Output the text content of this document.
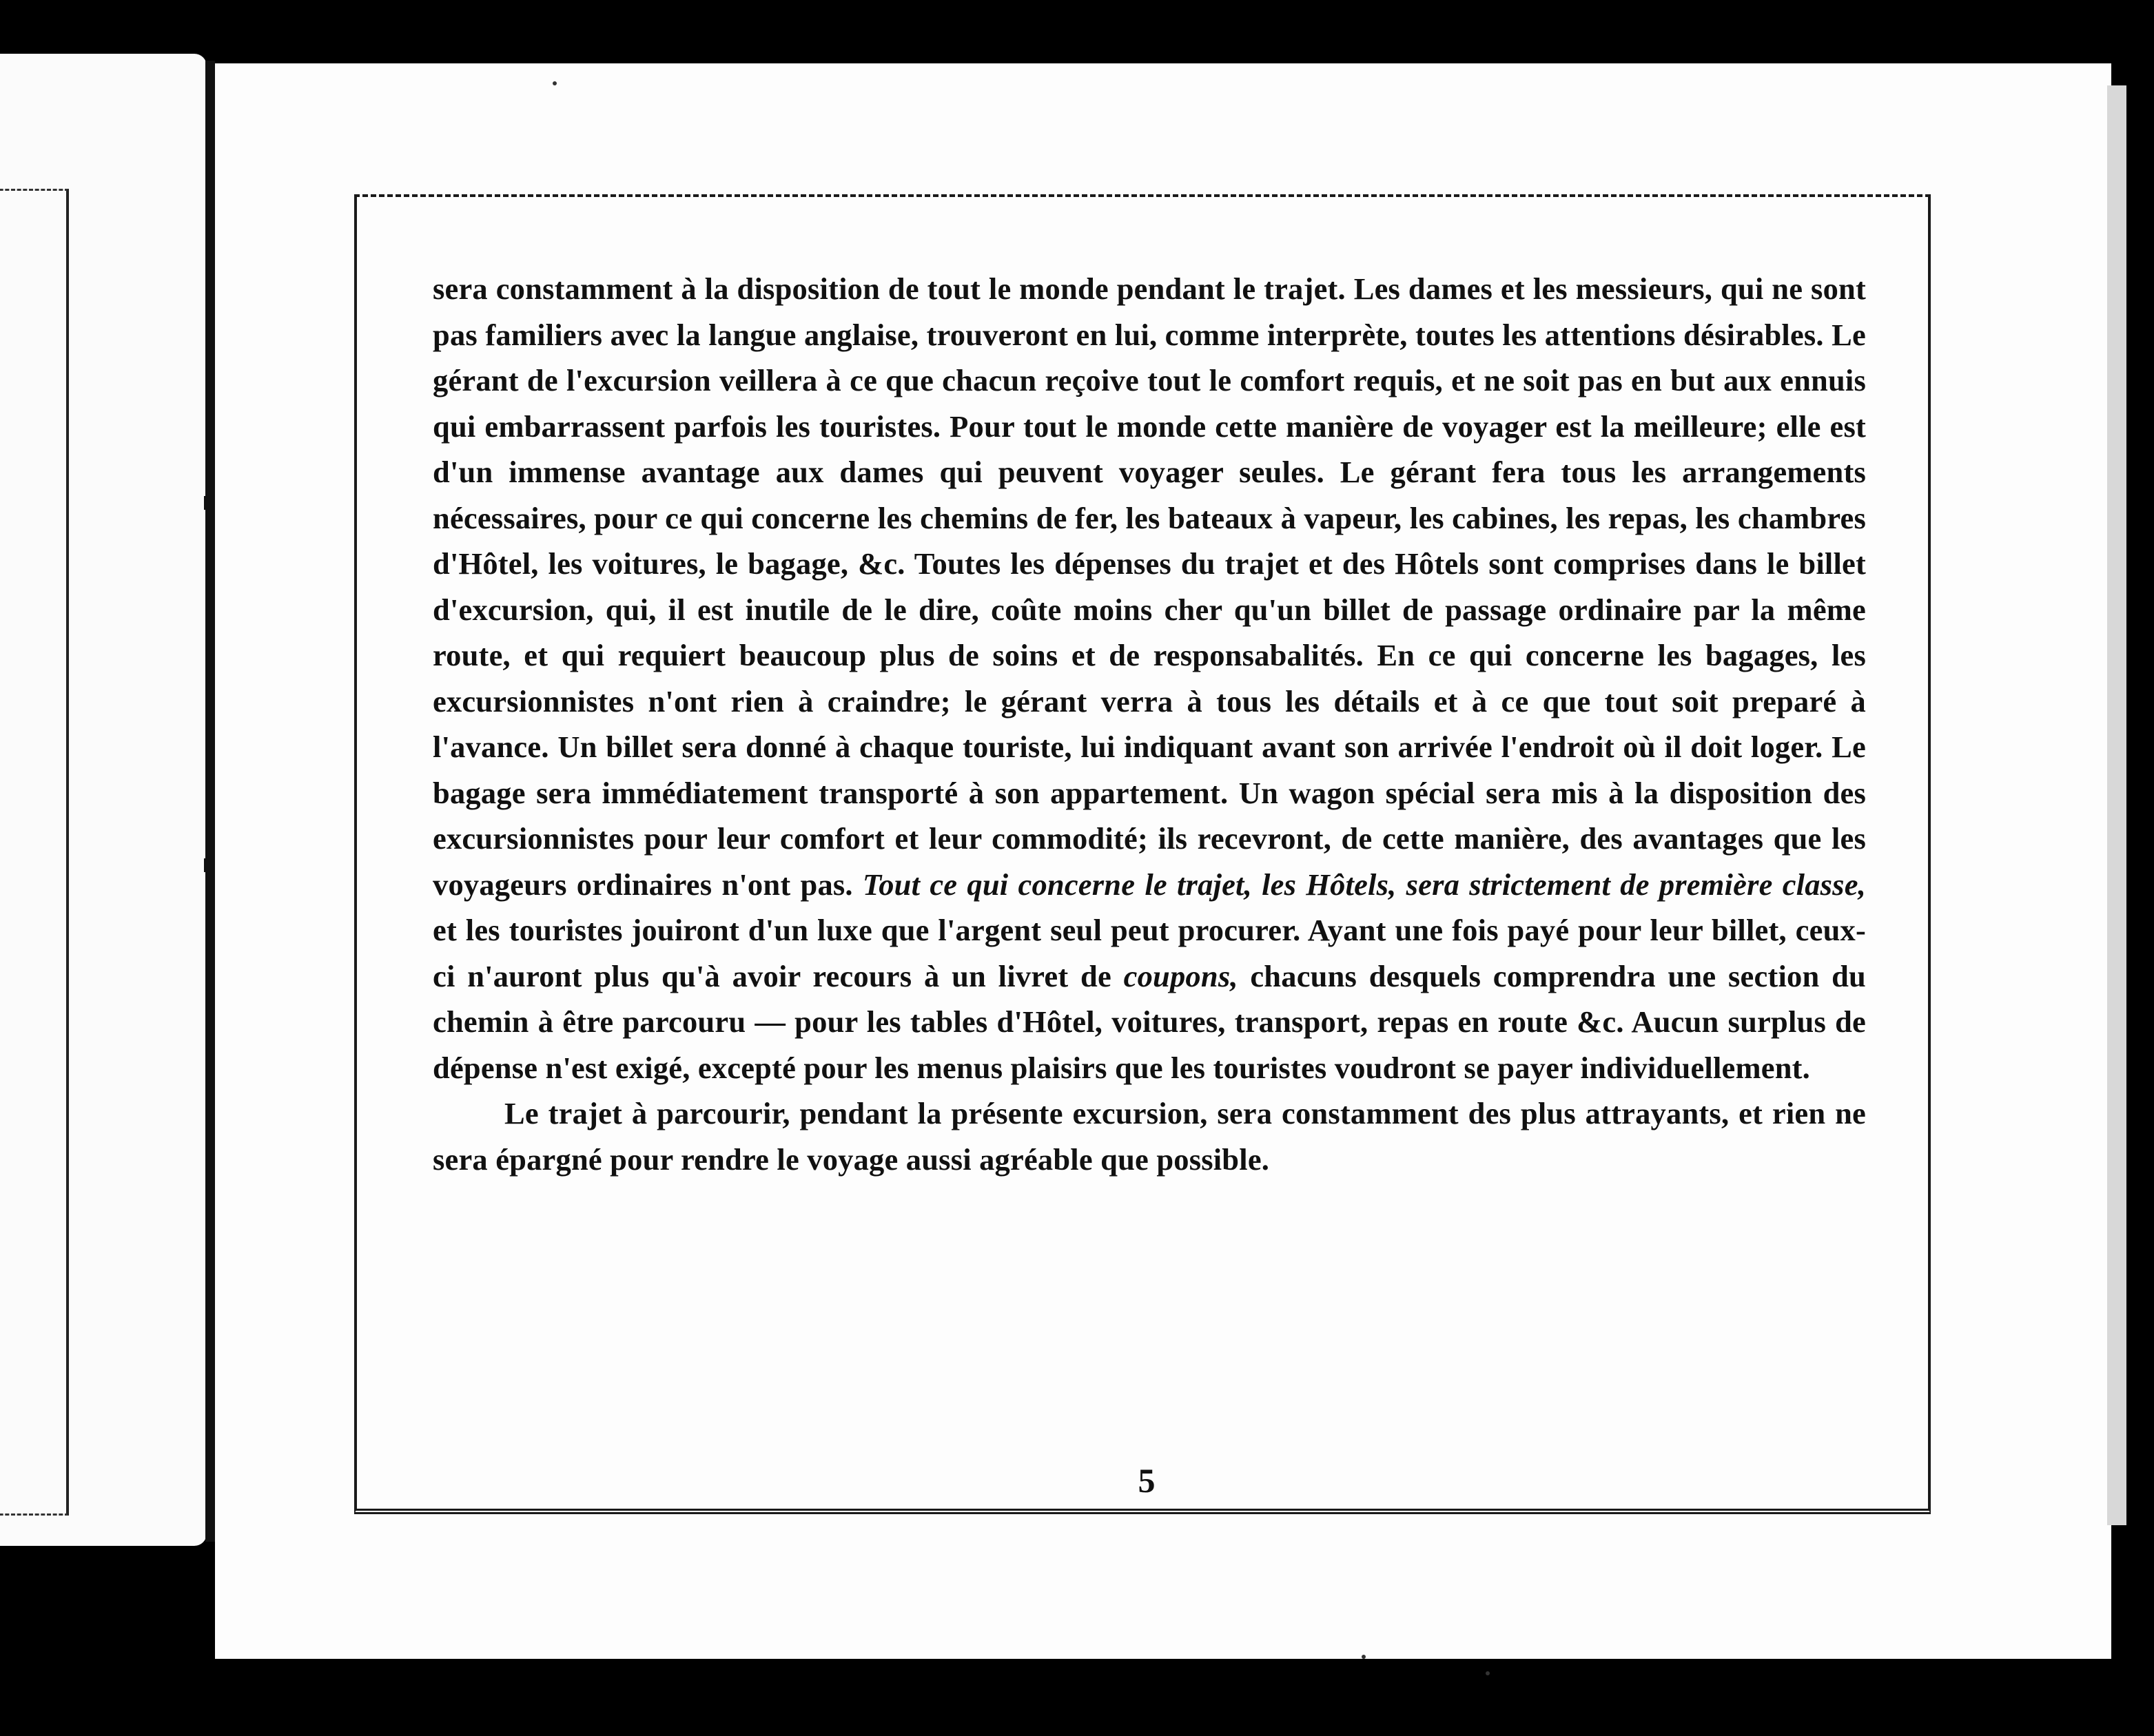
sera constamment à la disposition de tout le monde pendant le trajet. Les dames et les messieurs, qui ne sont pas familiers avec la langue anglaise, trouveront en lui, comme interprète, toutes les attentions désirables. Le gérant de l'excursion veillera à ce que chacun reçoive tout le comfort requis, et ne soit pas en but aux ennuis qui embarrassent parfois les touristes. Pour tout le monde cette manière de voyager est la meilleure; elle est d'un immense avantage aux dames qui peuvent voyager seules. Le gérant fera tous les arrangements nécessaires, pour ce qui concerne les chemins de fer, les bateaux à vapeur, les cabines, les repas, les chambres d'Hôtel, les voitures, le bagage, &c. Toutes les dépenses du trajet et des Hôtels sont comprises dans le billet d'excursion, qui, il est inutile de le dire, coûte moins cher qu'un billet de passage ordinaire par la même route, et qui requiert beaucoup plus de soins et de responsabalités. En ce qui concerne les bagages, les excursionnistes n'ont rien à craindre; le gérant verra à tous les détails et à ce que tout soit preparé à l'avance. Un billet sera donné à chaque touriste, lui indiquant avant son arrivée l'endroit où il doit loger. Le bagage sera immédiatement transporté à son appartement. Un wagon spécial sera mis à la disposition des excursionnistes pour leur comfort et leur commodité; ils recevront, de cette manière, des avantages que les voyageurs ordinaires n'ont pas. Tout ce qui concerne le trajet, les Hôtels, sera strictement de première classe, et les touristes jouiront d'un luxe que l'argent seul peut procurer. Ayant une fois payé pour leur billet, ceux-ci n'auront plus qu'à avoir recours à un livret de coupons, chacuns desquels comprendra une section du chemin à être parcouru — pour les tables d'Hôtel, voitures, transport, repas en route &c. Aucun surplus de dépense n'est exigé, excepté pour les menus plaisirs que les touristes voudront se payer individuellement.

Le trajet à parcourir, pendant la présente excursion, sera constamment des plus attrayants, et rien ne sera épargné pour rendre le voyage aussi agréable que possible.

5
